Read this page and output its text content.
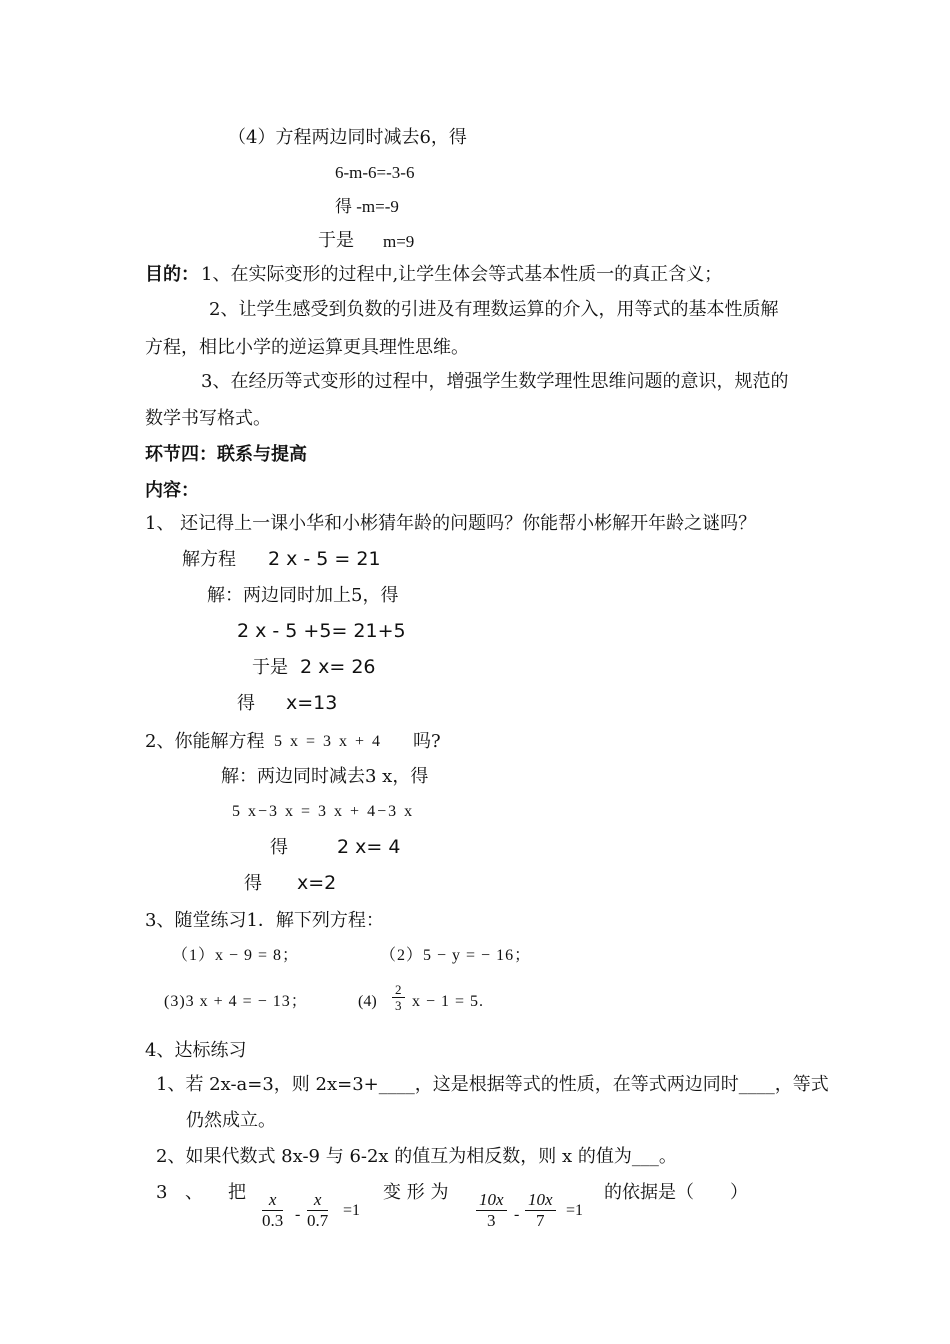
（4）方程两边同时减去6，得
6-m-6=-3-6
得 -m=-9
于是 m=9
目的： 1、在实际变形的过程中,让学生体会等式基本性质一的真正含义；
2、让学生感受到负数的引进及有理数运算的介入，用等式的基本性质解
方程，相比小学的逆运算更具理性思维。
3、在经历等式变形的过程中，增强学生数学理性思维问题的意识，规范的
数学书写格式。
环节四：联系与提高
内容：
1、 还记得上一课小华和小彬猜年龄的问题吗？你能帮小彬解开年龄之谜吗？
解方程 2 x - 5 = 21
解：两边同时加上5，得
2 x - 5 +5= 21+5
于是 2 x= 26
得 x=13
2、你能解方程 5 x = 3 x + 4 吗?
解：两边同时减去3 x，得
5 x−3 x = 3 x + 4−3 x
得	2 x= 4
得 x=2
3、随堂练习1．解下列方程：
（1）x − 9 = 8；	（2）5 − y = − 16；
(3)3 x + 4 = − 13；	$(4) \frac{2}{3}$ x − 1 = 5.
4、达标练习
1、若 2x-a=3，则 2x=3+____，这是根据等式的性质，在等式两边同时____，等式
仍然成立。
2、如果代数式 8x-9 与 6-2x 的值互为相反数，则 x 的值为___。
3 、 把 $\frac{x}{0.3} - \frac{x}{0.7} =1$
变 形 为 $\frac{10x}{3} - \frac{10x}{7} =1$
的依据是（　　）
